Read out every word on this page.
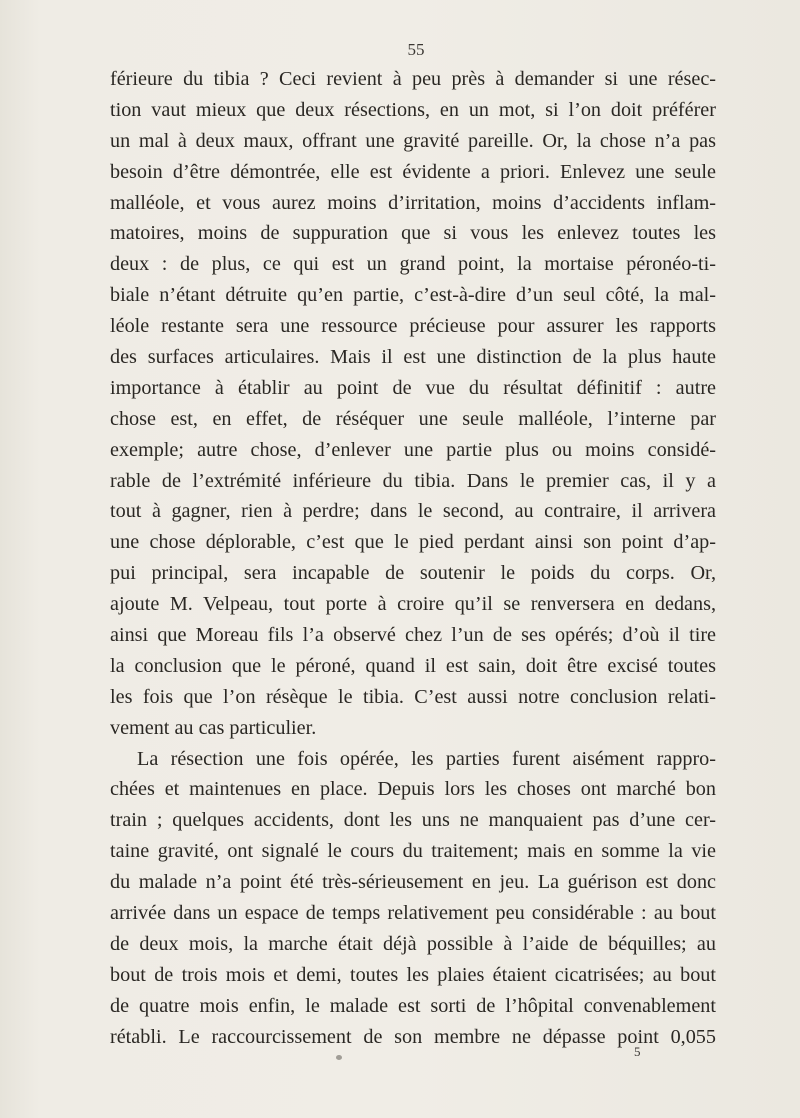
55
férieure du tibia ? Ceci revient à peu près à demander si une résec-
tion vaut mieux que deux résections, en un mot, si l’on doit préférer
un mal à deux maux, offrant une gravité pareille. Or, la chose n’a pas
besoin d’être démontrée, elle est évidente a priori. Enlevez une seule
malléole, et vous aurez moins d’irritation, moins d’accidents inflam-
matoires, moins de suppuration que si vous les enlevez toutes les
deux : de plus, ce qui est un grand point, la mortaise péronéo-ti-
biale n’étant détruite qu’en partie, c’est-à-dire d’un seul côté, la mal-
léole restante sera une ressource précieuse pour assurer les rapports
des surfaces articulaires. Mais il est une distinction de la plus haute
importance à établir au point de vue du résultat définitif : autre
chose est, en effet, de réséquer une seule malléole, l’interne par
exemple; autre chose, d’enlever une partie plus ou moins considé-
rable de l’extrémité inférieure du tibia. Dans le premier cas, il y a
tout à gagner, rien à perdre; dans le second, au contraire, il arrivera
une chose déplorable, c’est que le pied perdant ainsi son point d’ap-
pui principal, sera incapable de soutenir le poids du corps. Or,
ajoute M. Velpeau, tout porte à croire qu’il se renversera en dedans,
ainsi que Moreau fils l’a observé chez l’un de ses opérés; d’où il tire
la conclusion que le péroné, quand il est sain, doit être excisé toutes
les fois que l’on résèque le tibia. C’est aussi notre conclusion relati-
vement au cas particulier.
La résection une fois opérée, les parties furent aisément rappro-
chées et maintenues en place. Depuis lors les choses ont marché bon
train ; quelques accidents, dont les uns ne manquaient pas d’une cer-
taine gravité, ont signalé le cours du traitement; mais en somme la vie
du malade n’a point été très-sérieusement en jeu. La guérison est donc
arrivée dans un espace de temps relativement peu considérable : au bout
de deux mois, la marche était déjà possible à l’aide de béquilles; au
bout de trois mois et demi, toutes les plaies étaient cicatrisées; au bout
de quatre mois enfin, le malade est sorti de l’hôpital convenablement
rétabli. Le raccourcissement de son membre ne dépasse point 0,055
5
